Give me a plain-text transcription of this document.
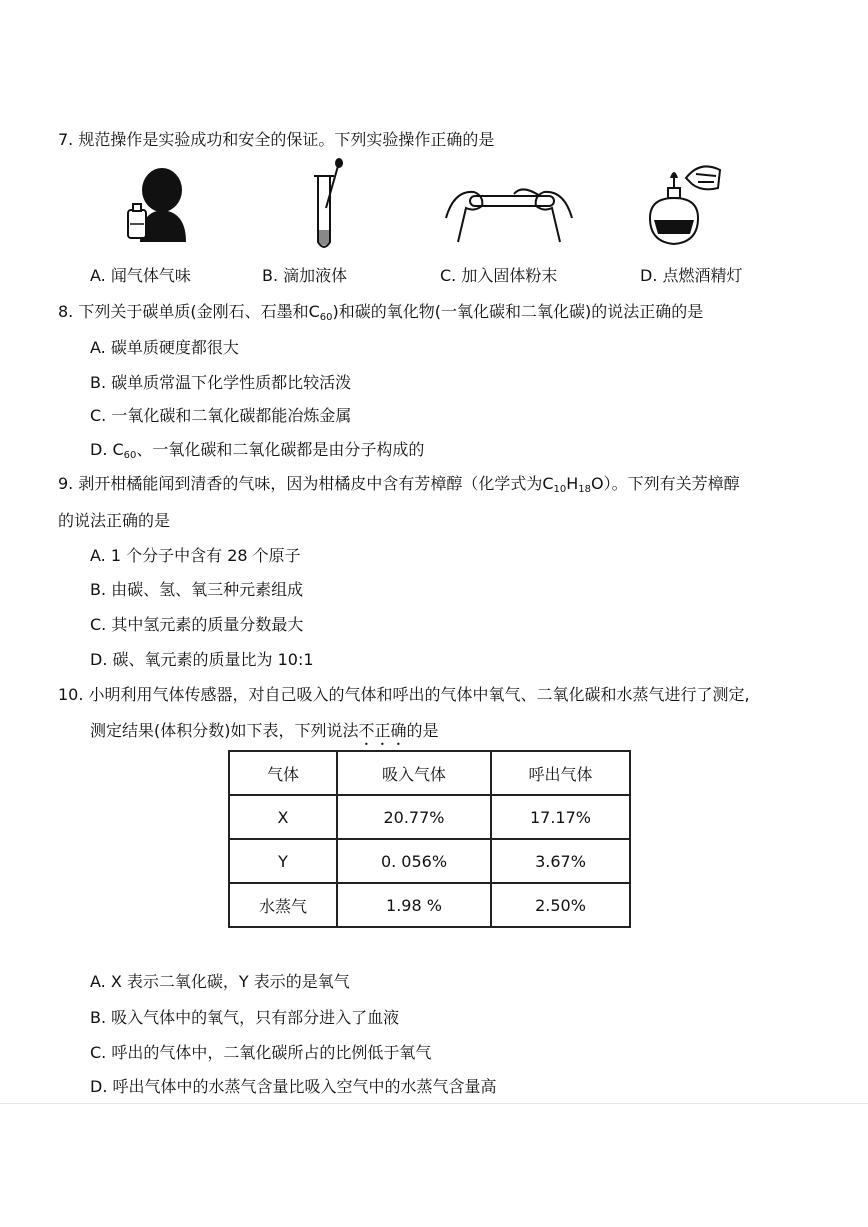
7. 规范操作是实验成功和安全的保证。下列实验操作正确的是
A. 闻气体气味	B. 滴加液体	C. 加入固体粉末	D. 点燃酒精灯
8. 下列关于碳单质(金刚石、石墨和$C_{60}$)和碳的氧化物(一氧化碳和二氧化碳)的说法正确的是
A. 碳单质硬度都很大
B. 碳单质常温下化学性质都比较活泼
C. 一氧化碳和二氧化碳都能冶炼金属
D. $C_{60}$、一氧化碳和二氧化碳都是由分子构成的
9. 剥开柑橘能闻到清香的气味，因为柑橘皮中含有芳樟醇（化学式为$C_{10}H_{18}O$）。下列有关芳樟醇
的说法正确的是
A. 1 个分子中含有 28 个原子
B. 由碳、氢、氧三种元素组成
C. 其中氢元素的质量分数最大
D. 碳、氧元素的质量比为 10:1
10. 小明利用气体传感器，对自己吸入的气体和呼出的气体中氧气、二氧化碳和水蒸气进行了测定,
测定结果(体积分数)如下表，下列说法不正确的是
气体	吸入气体	呼出气体
X	20.77%	17.17%
Y	0. 056%	3.67%
水蒸气	1.98 %	2.50%
A. X 表示二氧化碳，Y 表示的是氧气
B. 吸入气体中的氧气，只有部分进入了血液
C. 呼出的气体中，二氧化碳所占的比例低于氧气
D. 呼出气体中的水蒸气含量比吸入空气中的水蒸气含量高
